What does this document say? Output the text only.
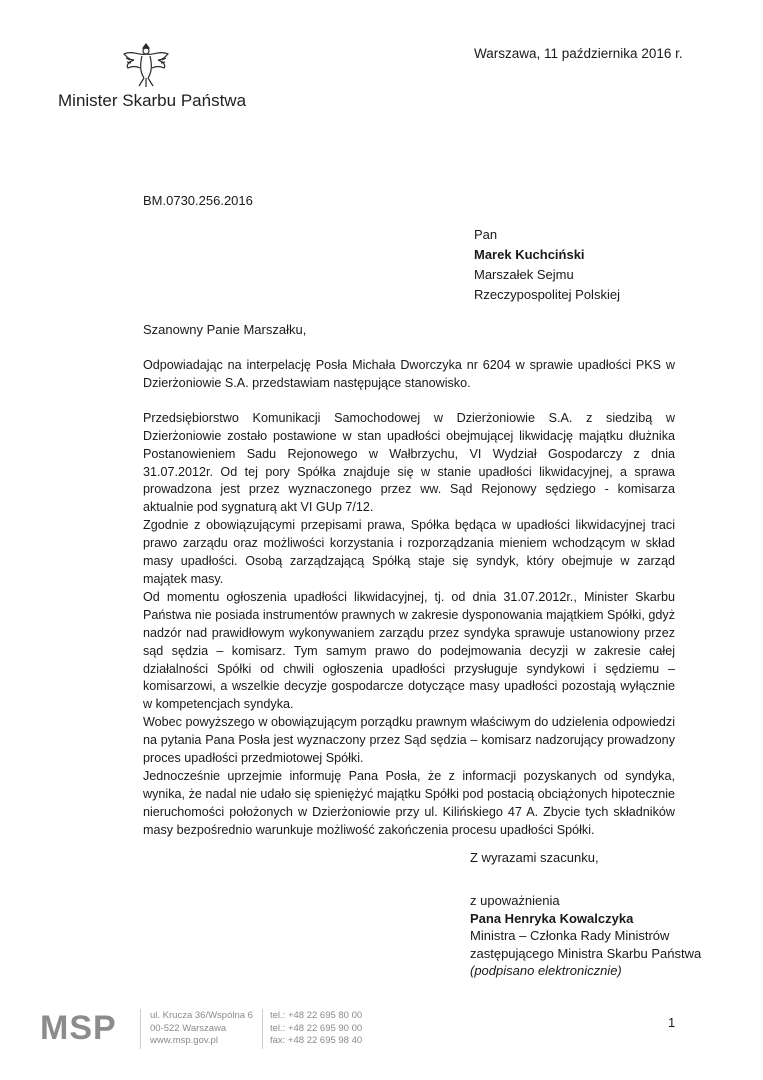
Minister Skarbu Państwa
Warszawa, 11 października 2016 r.
BM.0730.256.2016
Pan
Marek Kuchciński
Marszałek Sejmu
Rzeczypospolitej Polskiej
Szanowny Panie Marszałku,

Odpowiadając na interpelację Posła Michała Dworczyka nr 6204 w sprawie upadłości PKS w Dzierżoniowie S.A. przedstawiam następujące stanowisko.

Przedsiębiorstwo Komunikacji Samochodowej w Dzierżoniowie S.A. z siedzibą w Dzierżoniowie zostało postawione w stan upadłości obejmującej likwidację majątku dłużnika Postanowieniem Sadu Rejonowego w Wałbrzychu, VI Wydział Gospodarczy z dnia 31.07.2012r. Od tej pory Spółka znajduje się w stanie upadłości likwidacyjnej, a sprawa prowadzona jest przez wyznaczonego przez ww. Sąd Rejonowy sędziego - komisarza aktualnie pod sygnaturą akt VI GUp 7/12.

Zgodnie z obowiązującymi przepisami prawa, Spółka będąca w upadłości likwidacyjnej traci prawo zarządu oraz możliwości korzystania i rozporządzania mieniem wchodzącym w skład masy upadłości. Osobą zarządzającą Spółką staje się syndyk, który obejmuje w zarząd majątek masy.

Od momentu ogłoszenia upadłości likwidacyjnej, tj. od dnia 31.07.2012r., Minister Skarbu Państwa nie posiada instrumentów prawnych w zakresie dysponowania majątkiem Spółki, gdyż nadzór nad prawidłowym wykonywaniem zarządu przez syndyka sprawuje ustanowiony przez sąd sędzia – komisarz. Tym samym prawo do podejmowania decyzji w zakresie całej działalności Spółki od chwili ogłoszenia upadłości przysługuje syndykowi i sędziemu – komisarzowi, a wszelkie decyzje gospodarcze dotyczące masy upadłości pozostają wyłącznie w kompetencjach syndyka.

Wobec powyższego w obowiązującym porządku prawnym właściwym do udzielenia odpowiedzi na pytania Pana Posła jest wyznaczony przez Sąd sędzia – komisarz nadzorujący prowadzony proces upadłości przedmiotowej Spółki.

Jednocześnie uprzejmie informuję Pana Posła, że z informacji pozyskanych od syndyka, wynika, że nadal nie udało się spieniężyć majątku Spółki pod postacią obciążonych hipotecznie nieruchomości położonych w Dzierżoniowie przy ul. Kilińskiego 47 A. Zbycie tych składników masy bezpośrednio warunkuje możliwość zakończenia procesu upadłości Spółki.

Z wyrazami szacunku,
z upoważnienia
Pana Henryka Kowalczyka
Ministra – Członka Rady Ministrów
zastępującego Ministra Skarbu Państwa
(podpisano elektronicznie)
MSP	ul. Krucza 36/Wspólna 6
00-522 Warszawa
www.msp.gov.pl
tel.: +48 22 695 80 00
tel.: +48 22 695 90 00
fax: +48 22 695 98 40
1
